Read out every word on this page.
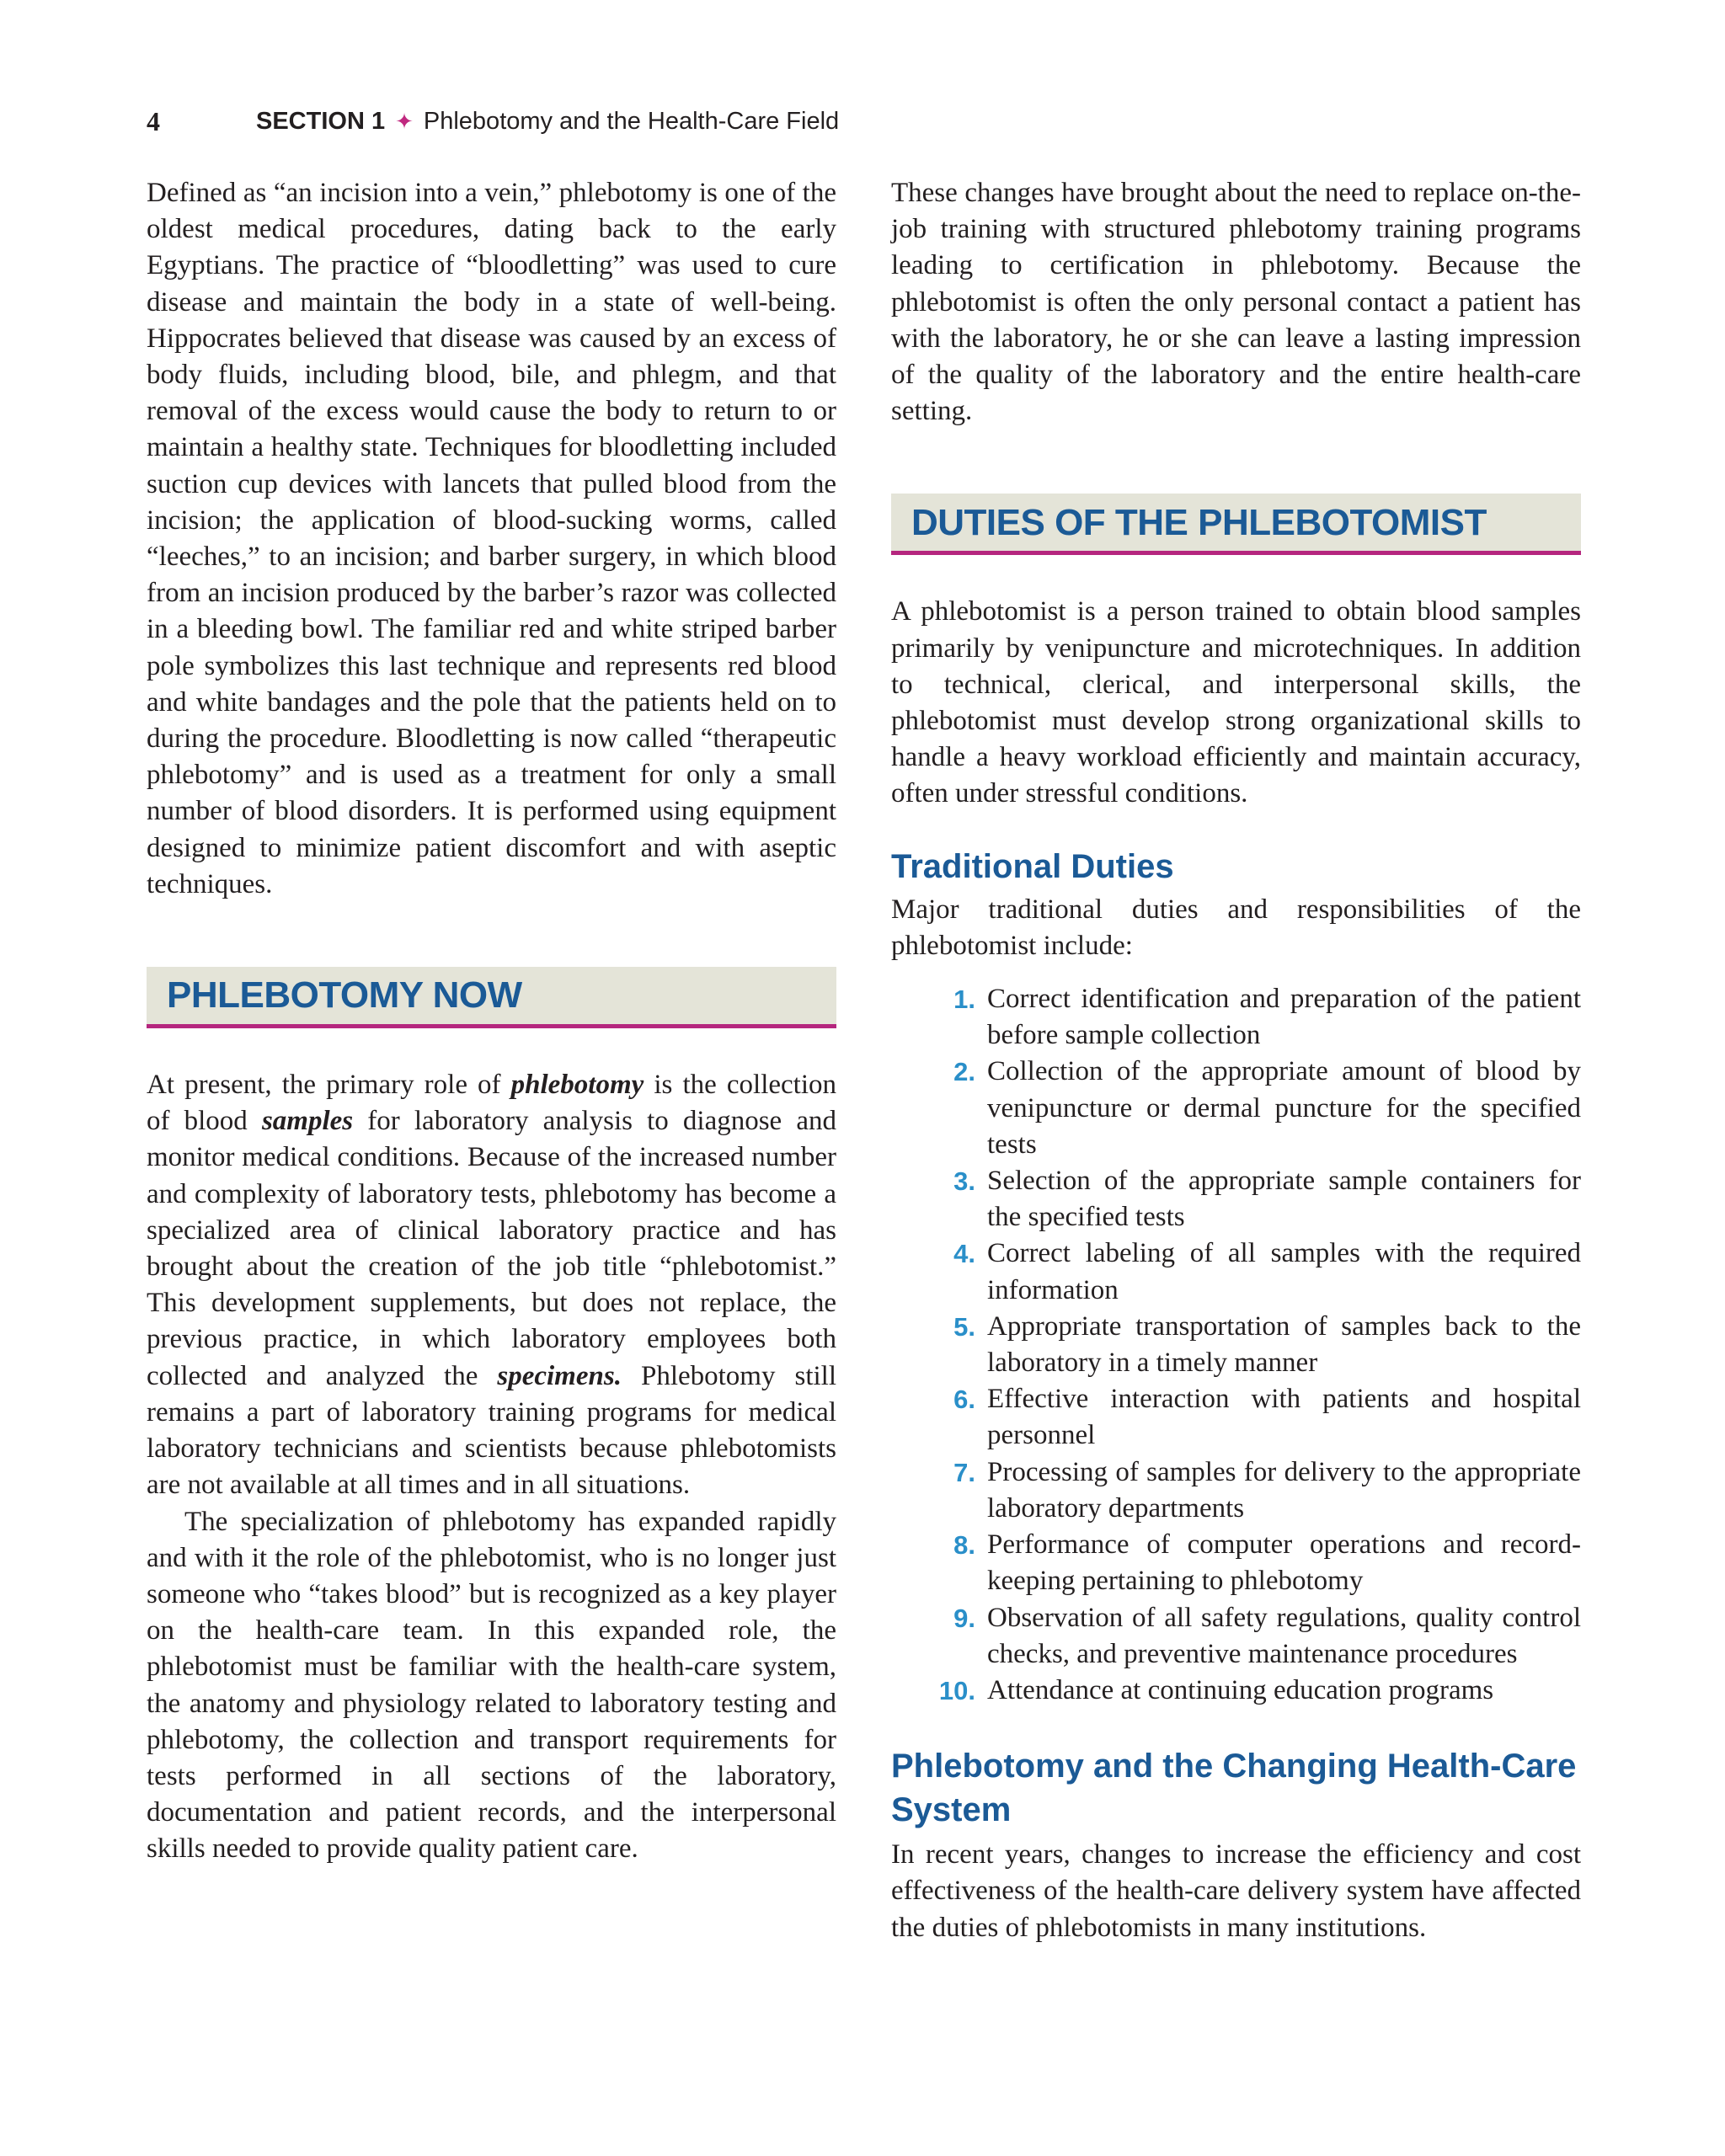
4	SECTION 1 ✦ Phlebotomy and the Health-Care Field

Defined as “an incision into a vein,” phlebotomy is one of the oldest medical procedures, dating back to the early Egyptians. The practice of “bloodletting” was used to cure disease and maintain the body in a state of well-being. Hippocrates believed that disease was caused by an excess of body fluids, including blood, bile, and phlegm, and that removal of the excess would cause the body to return to or maintain a healthy state. Techniques for bloodletting included suction cup devices with lancets that pulled blood from the incision; the application of blood-sucking worms, called “leeches,” to an incision; and barber surgery, in which blood from an incision produced by the barber’s razor was collected in a bleeding bowl. The familiar red and white striped barber pole symbolizes this last technique and represents red blood and white bandages and the pole that the patients held on to during the procedure. Bloodletting is now called “therapeutic phlebotomy” and is used as a treatment for only a small number of blood disorders. It is performed using equipment designed to minimize patient discomfort and with aseptic techniques.

PHLEBOTOMY NOW

At present, the primary role of phlebotomy is the collection of blood samples for laboratory analysis to diagnose and monitor medical conditions. Because of the increased number and complexity of laboratory tests, phlebotomy has become a specialized area of clinical laboratory practice and has brought about the creation of the job title “phlebotomist.” This development supplements, but does not replace, the previous practice, in which laboratory employees both collected and analyzed the specimens. Phlebotomy still remains a part of laboratory training programs for medical laboratory technicians and scientists because phlebotomists are not available at all times and in all situations.

The specialization of phlebotomy has expanded rapidly and with it the role of the phlebotomist, who is no longer just someone who “takes blood” but is recognized as a key player on the health-care team. In this expanded role, the phlebotomist must be familiar with the health-care system, the anatomy and physiology related to laboratory testing and phlebotomy, the collection and transport requirements for tests performed in all sections of the laboratory, documentation and patient records, and the interpersonal skills needed to provide quality patient care.

These changes have brought about the need to replace on-the-job training with structured phlebotomy training programs leading to certification in phlebotomy. Because the phlebotomist is often the only personal contact a patient has with the laboratory, he or she can leave a lasting impression of the quality of the laboratory and the entire health-care setting.

DUTIES OF THE PHLEBOTOMIST

A phlebotomist is a person trained to obtain blood samples primarily by venipuncture and microtechniques. In addition to technical, clerical, and interpersonal skills, the phlebotomist must develop strong organizational skills to handle a heavy workload efficiently and maintain accuracy, often under stressful conditions.

Traditional Duties

Major traditional duties and responsibilities of the phlebotomist include:

1. Correct identification and preparation of the patient before sample collection
2. Collection of the appropriate amount of blood by venipuncture or dermal puncture for the specified tests
3. Selection of the appropriate sample containers for the specified tests
4. Correct labeling of all samples with the required information
5. Appropriate transportation of samples back to the laboratory in a timely manner
6. Effective interaction with patients and hospital personnel
7. Processing of samples for delivery to the appropriate laboratory departments
8. Performance of computer operations and record-keeping pertaining to phlebotomy
9. Observation of all safety regulations, quality control checks, and preventive maintenance procedures
10. Attendance at continuing education programs
Phlebotomy and the Changing Health-Care System

In recent years, changes to increase the efficiency and cost effectiveness of the health-care delivery system have affected the duties of phlebotomists in many institutions.
